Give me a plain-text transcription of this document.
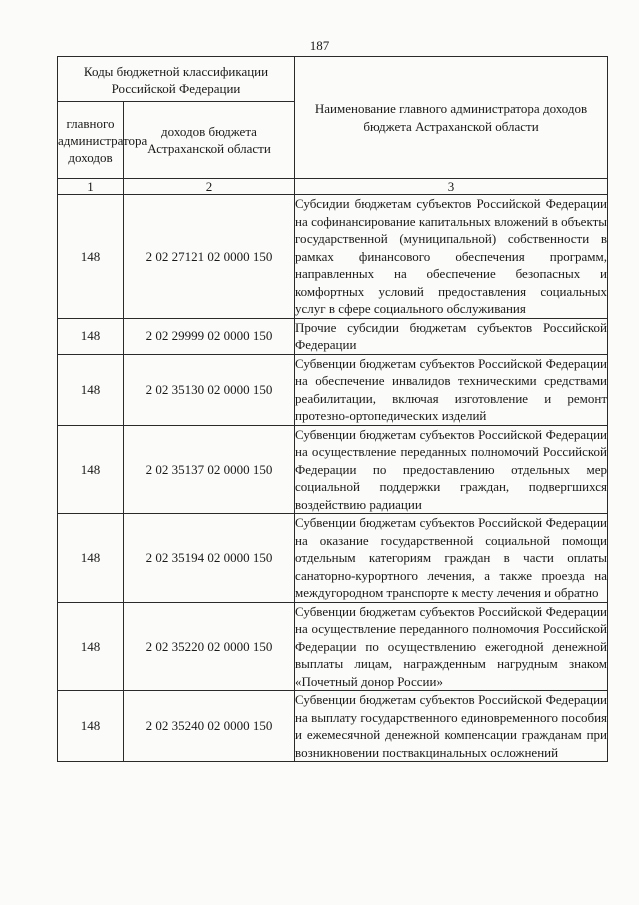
187
Коды бюджетной классификации Российской Федерации		Наименование главного администратора доходов бюджета Астраханской области
главного администратора доходов	доходов бюджета Астраханской области	
1	2	3
148	2 02 27121 02 0000 150	Субсидии бюджетам субъектов Российской Федерации на софинансирование капитальных вложений в объекты государственной (муниципальной) собственности в рамках финансового обеспечения программ, направленных на обеспечение безопасных и комфортных условий предоставления социальных услуг в сфере социального обслуживания
148	2 02 29999 02 0000 150	Прочие субсидии бюджетам субъектов Российской Федерации
148	2 02 35130 02 0000 150	Субвенции бюджетам субъектов Российской Федерации на обеспечение инвалидов техническими средствами реабилитации, включая изготовление и ремонт протезно-ортопедических изделий
148	2 02 35137 02 0000 150	Субвенции бюджетам субъектов Российской Федерации на осуществление переданных полномочий Российской Федерации по предоставлению отдельных мер социальной поддержки граждан, подвергшихся воздействию радиации
148	2 02 35194 02 0000 150	Субвенции бюджетам субъектов Российской Федерации на оказание государственной социальной помощи отдельным категориям граждан в части оплаты санаторно-курортного лечения, а также проезда на междугородном транспорте к месту лечения и обратно
148	2 02 35220 02 0000 150	Субвенции бюджетам субъектов Российской Федерации на осуществление переданного полномочия Российской Федерации по осуществлению ежегодной денежной выплаты лицам, награжденным нагрудным знаком «Почетный донор России»
148	2 02 35240 02 0000 150	Субвенции бюджетам субъектов Российской Федерации на выплату государственного единовременного пособия и ежемесячной денежной компенсации гражданам при возникновении поствакцинальных осложнений
